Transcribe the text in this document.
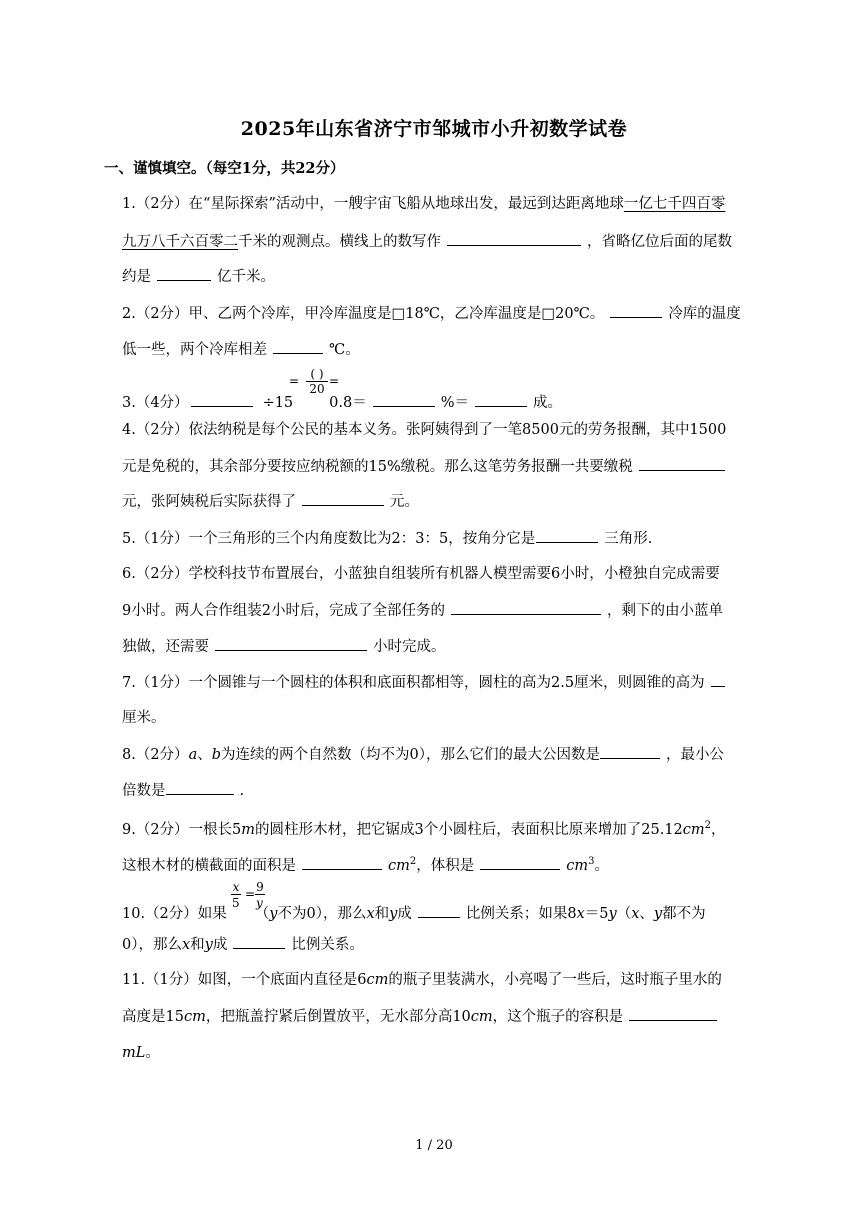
2025年山东省济宁市邹城市小升初数学试卷
一、谨慎填空。（每空1分，共22分）
1.（2分）在“星际探索”活动中，一艘宇宙飞船从地球出发，最远到达距离地球一亿七千四百零
九万八千六百零二千米的观测点。横线上的数写作	，省略亿位后面的尾数
约是	亿千米。
2.（2分）甲、乙两个冷库，甲冷库温度是□18℃，乙冷库温度是□20℃。	冷库的温度
低一些，两个冷库相差	℃。
= ( )
20
=
3.（4分）	÷15 0.8＝	%＝	成。
4.（2分）依法纳税是每个公民的基本义务。张阿姨得到了一笔8500元的劳务报酬，其中1500
元是免税的，其余部分要按应纳税额的15%缴税。那么这笔劳务报酬一共要缴税
元，张阿姨税后实际获得了	元。
5.（1分）一个三角形的三个内角度数比为2：3：5，按角分它是	三角形.
6.（2分）学校科技节布置展台，小蓝独自组装所有机器人模型需要6小时，小橙独自完成需要
9小时。两人合作组装2小时后，完成了全部任务的	，剩下的由小蓝单
独做，还需要	小时完成。
7.（1分）一个圆锥与一个圆柱的体积和底面积都相等，圆柱的高为2.5厘米，则圆锥的高为
厘米。
8.（2分）a、b为连续的两个自然数（均不为0），那么它们的最大公因数是	，最小公
倍数是	.
9.（2分）一根长5m的圆柱形木材，把它锯成3个小圆柱后，表面积比原来增加了$25.12cm^2$，
这根木材的横截面的面积是	$cm^2$，体积是	$cm^3$。
x
5
= 9
y
10.（2分）如果 （y不为0），那么x和y成	比例关系；如果8x＝5y（x、y都不为
0），那么x和y成	比例关系。
11.（1分）如图，一个底面内直径是6cm的瓶子里装满水，小亮喝了一些后，这时瓶子里水的
高度是15cm，把瓶盖拧紧后倒置放平，无水部分高10cm，这个瓶子的容积是
mL。
1 / 20
